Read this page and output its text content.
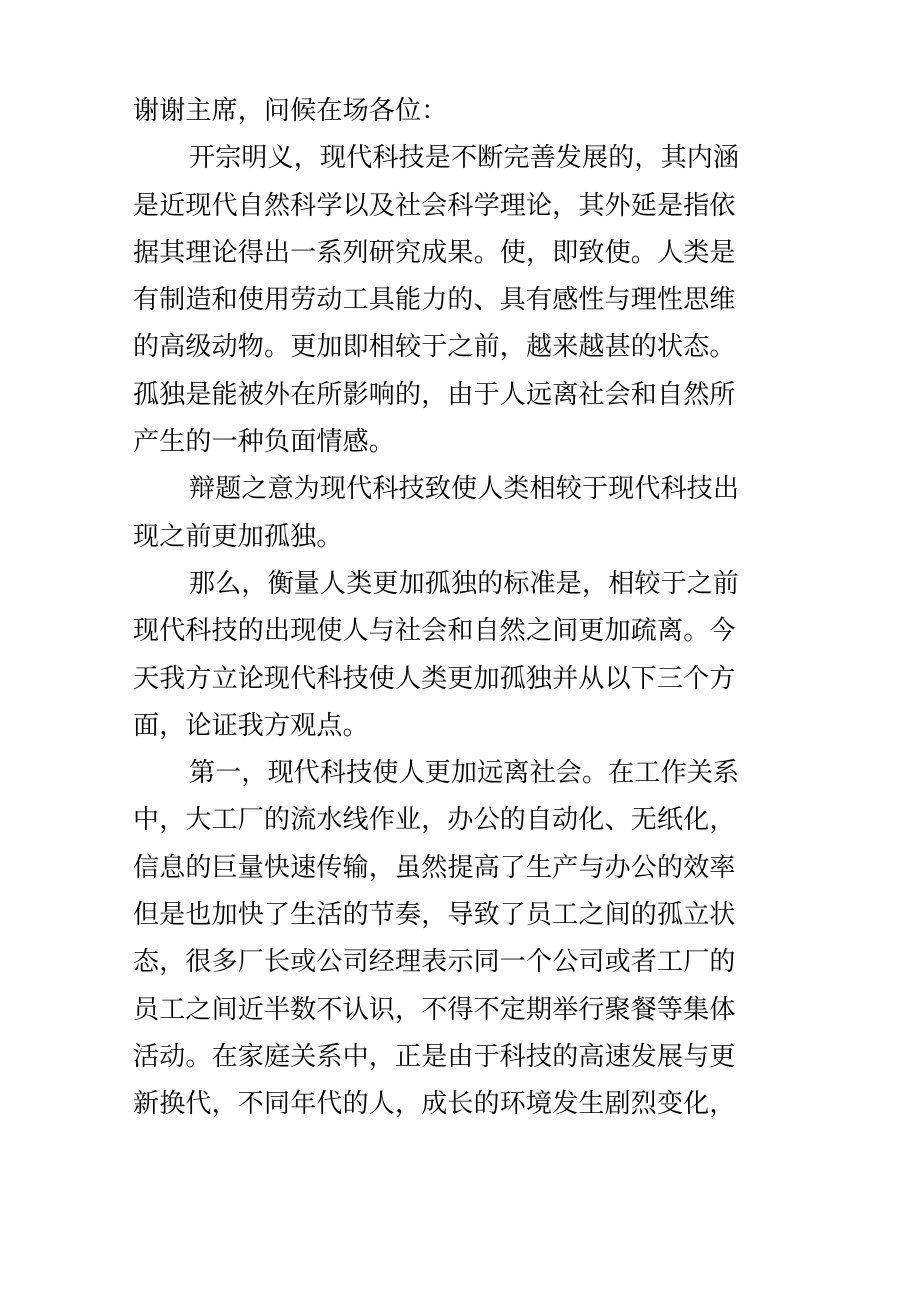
谢谢主席，问候在场各位：
开宗明义，现代科技是不断完善发展的，其内涵
是近现代自然科学以及社会科学理论，其外延是指依
据其理论得出一系列研究成果。使，即致使。人类是
有制造和使用劳动工具能力的、具有感性与理性思维
的高级动物。更加即相较于之前，越来越甚的状态。
孤独是能被外在所影响的，由于人远离社会和自然所
产生的一种负面情感。
辩题之意为现代科技致使人类相较于现代科技出
现之前更加孤独。
那么，衡量人类更加孤独的标准是，相较于之前
现代科技的出现使人与社会和自然之间更加疏离。今
天我方立论现代科技使人类更加孤独并从以下三个方
面，论证我方观点。
第一，现代科技使人更加远离社会。在工作关系
中，大工厂的流水线作业，办公的自动化、无纸化，
信息的巨量快速传输，虽然提高了生产与办公的效率
但是也加快了生活的节奏，导致了员工之间的孤立状
态，很多厂长或公司经理表示同一个公司或者工厂的
员工之间近半数不认识，不得不定期举行聚餐等集体
活动。在家庭关系中，正是由于科技的高速发展与更
新换代，不同年代的人，成长的环境发生剧烈变化，
